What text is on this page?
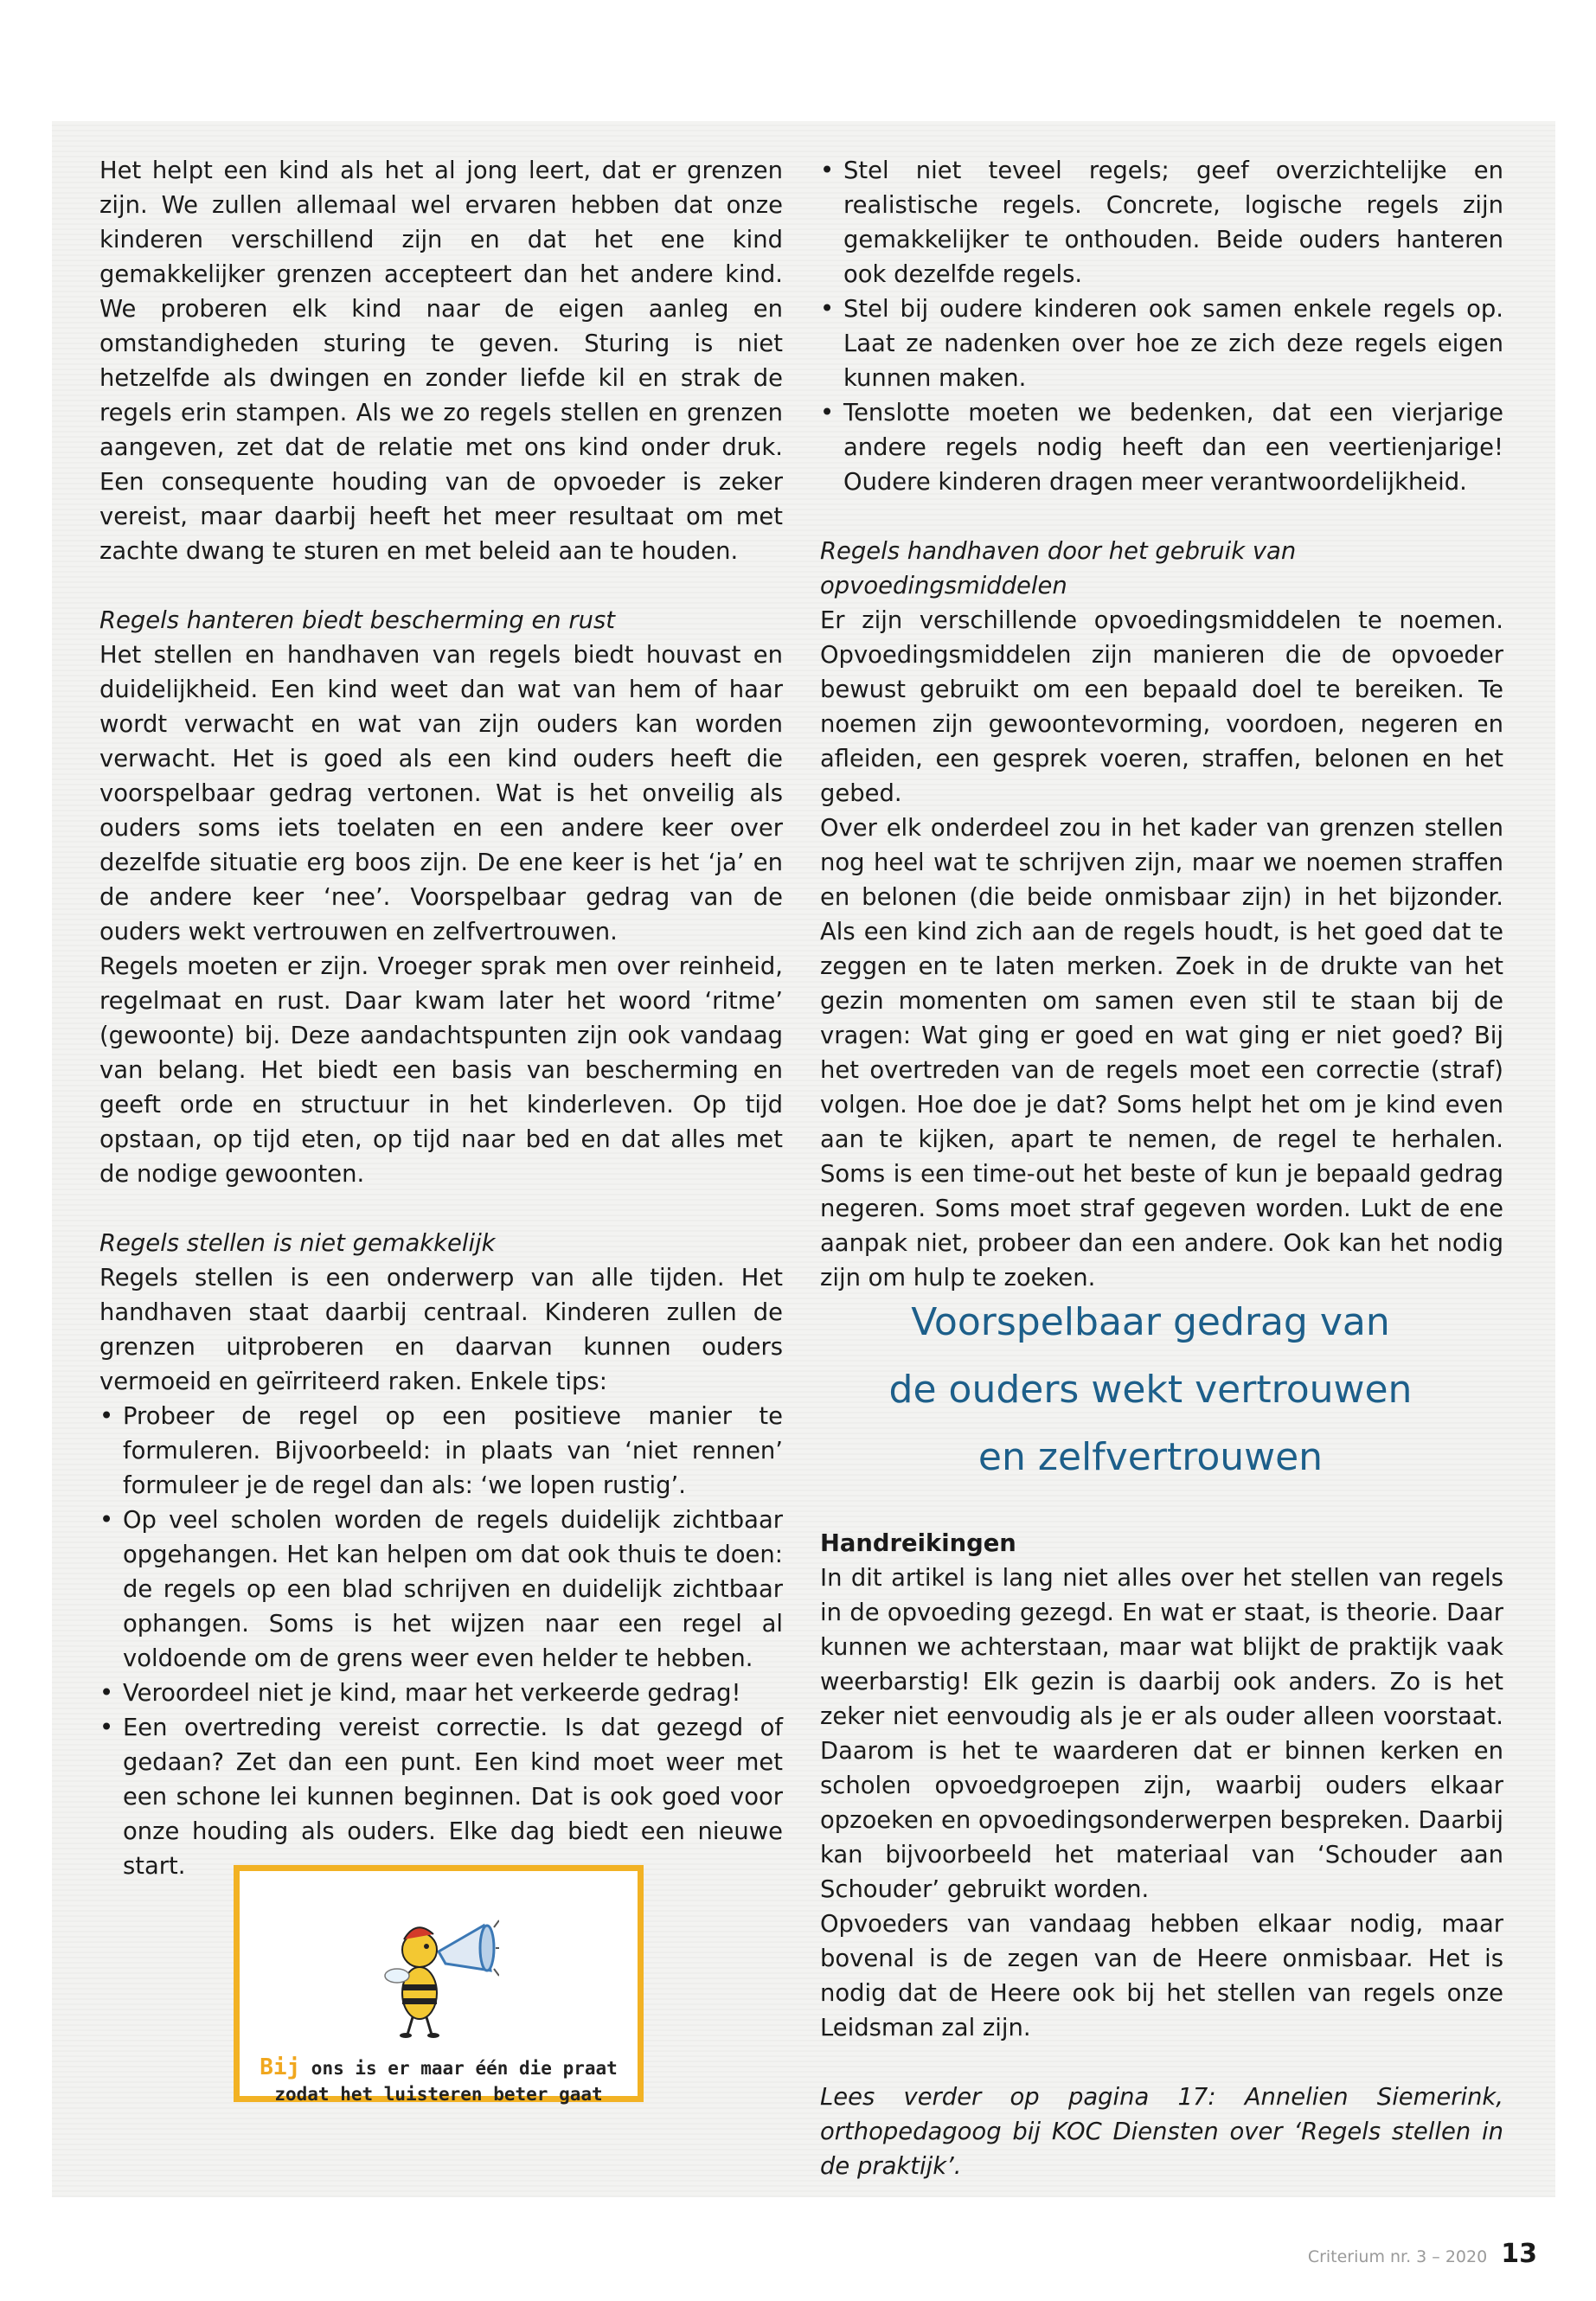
Het helpt een kind als het al jong leert, dat er grenzen zijn. We zullen allemaal wel ervaren hebben dat onze kinderen verschillend zijn en dat het ene kind gemakkelijker grenzen accepteert dan het andere kind. We proberen elk kind naar de eigen aanleg en omstandigheden sturing te geven. Sturing is niet hetzelfde als dwingen en zonder liefde kil en strak de regels erin stampen. Als we zo regels stellen en grenzen aangeven, zet dat de relatie met ons kind onder druk. Een consequente houding van de opvoeder is zeker vereist, maar daarbij heeft het meer resultaat om met zachte dwang te sturen en met beleid aan te houden.

Regels hanteren biedt bescherming en rust

Het stellen en handhaven van regels biedt houvast en duidelijkheid. Een kind weet dan wat van hem of haar wordt verwacht en wat van zijn ouders kan worden verwacht. Het is goed als een kind ouders heeft die voorspelbaar gedrag vertonen. Wat is het onveilig als ouders soms iets toelaten en een andere keer over dezelfde situatie erg boos zijn. De ene keer is het ‘ja’ en de andere keer ‘nee’. Voorspelbaar gedrag van de ouders wekt vertrouwen en zelfvertrouwen.

Regels moeten er zijn. Vroeger sprak men over reinheid, regelmaat en rust. Daar kwam later het woord ‘ritme’ (gewoonte) bij. Deze aandachtspunten zijn ook vandaag van belang. Het biedt een basis van bescherming en geeft orde en structuur in het kinderleven. Op tijd opstaan, op tijd eten, op tijd naar bed en dat alles met de nodige gewoonten.

Regels stellen is niet gemakkelijk

Regels stellen is een onderwerp van alle tijden. Het handhaven staat daarbij centraal. Kinderen zullen de grenzen uitproberen en daarvan kunnen ouders vermoeid en geïrriteerd raken. Enkele tips:

• Probeer de regel op een positieve manier te formuleren. Bijvoorbeeld: in plaats van ‘niet rennen’ formuleer je de regel dan als: ‘we lopen rustig’.
• Op veel scholen worden de regels duidelijk zichtbaar opgehangen. Het kan helpen om dat ook thuis te doen: de regels op een blad schrijven en duidelijk zichtbaar ophangen. Soms is het wijzen naar een regel al voldoende om de grens weer even helder te hebben.
• Veroordeel niet je kind, maar het verkeerde gedrag!
• Een overtreding vereist correctie. Is dat gezegd of gedaan? Zet dan een punt. Een kind moet weer met een schone lei kunnen beginnen. Dat is ook goed voor onze houding als ouders. Elke dag biedt een nieuwe start.
• Stel niet teveel regels; geef overzichtelijke en realistische regels. Concrete, logische regels zijn gemakkelijker te onthouden. Beide ouders hanteren ook dezelfde regels.
• Stel bij oudere kinderen ook samen enkele regels op. Laat ze nadenken over hoe ze zich deze regels eigen kunnen maken.
• Tenslotte moeten we bedenken, dat een vierjarige andere regels nodig heeft dan een veertienjarige! Oudere kinderen dragen meer verantwoordelijkheid.
Regels handhaven door het gebruik van opvoedingsmiddelen

Er zijn verschillende opvoedingsmiddelen te noemen. Opvoedingsmiddelen zijn manieren die de opvoeder bewust gebruikt om een bepaald doel te bereiken. Te noemen zijn gewoontevorming, voordoen, negeren en afleiden, een gesprek voeren, straffen, belonen en het gebed.

Over elk onderdeel zou in het kader van grenzen stellen nog heel wat te schrijven zijn, maar we noemen straffen en belonen (die beide onmisbaar zijn) in het bijzonder. Als een kind zich aan de regels houdt, is het goed dat te zeggen en te laten merken. Zoek in de drukte van het gezin momenten om samen even stil te staan bij de vragen: Wat ging er goed en wat ging er niet goed? Bij het overtreden van de regels moet een correctie (straf) volgen. Hoe doe je dat? Soms helpt het om je kind even aan te kijken, apart te nemen, de regel te herhalen. Soms is een time-out het beste of kun je bepaald gedrag negeren. Soms moet straf gegeven worden. Lukt de ene aanpak niet, probeer dan een andere. Ook kan het nodig zijn om hulp te zoeken.

Voorspelbaar gedrag van
de ouders wekt vertrouwen
en zelfvertrouwen
Handreikingen

In dit artikel is lang niet alles over het stellen van regels in de opvoeding gezegd. En wat er staat, is theorie. Daar kunnen we achterstaan, maar wat blijkt de praktijk vaak weerbarstig! Elk gezin is daarbij ook anders. Zo is het zeker niet eenvoudig als je er als ouder alleen voorstaat. Daarom is het te waarderen dat er binnen kerken en scholen opvoedgroepen zijn, waarbij ouders elkaar opzoeken en opvoedingsonderwerpen bespreken. Daarbij kan bijvoorbeeld het materiaal van ‘Schouder aan Schouder’ gebruikt worden.

Opvoeders van vandaag hebben elkaar nodig, maar bovenal is de zegen van de Heere onmisbaar. Het is nodig dat de Heere ook bij het stellen van regels onze Leidsman zal zijn.

Lees verder op pagina 17: Annelien Siemerink, orthopedagoog bij KOC Diensten over ‘Regels stellen in de praktijk’.

Bij ons is er maar één die praat
zodat het luisteren beter gaat
Criterium nr. 3 – 2020 13
